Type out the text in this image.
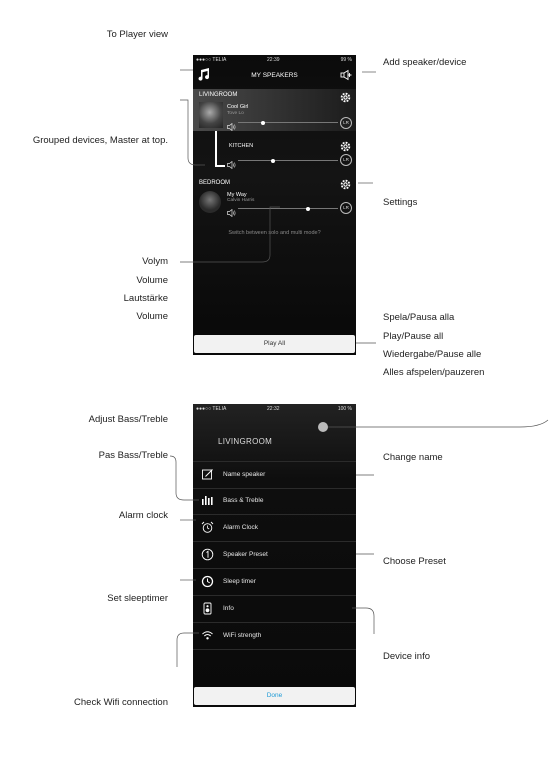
To Player view
Grouped devices, Master at top.
Volym
Volume
Lautstärke
Volume
Adjust Bass/Treble
Pas Bass/Treble
Alarm clock
Set sleeptimer
Check Wifi connection
Add speaker/device
Settings
Spela/Pausa alla
Play/Pause all
Wiedergabe/Pause alle
Alles afspelen/pauzeren
Change name
Choose Preset
Device info
●●●○○ TELIA	22:39	99 %
MY SPEAKERS
LIVINGROOM
Cool Girl
Tove Lo
LR
KITCHEN
LR
BEDROOM
My Way
Calvin Harris
LR
Switch between solo and multi mode?
Play All
●●●○○ TELIA	22:32	100 %
LIVINGROOM
Name speaker
Bass & Treble
Alarm Clock
Speaker Preset
Sleep timer
Info
WiFi strength
Done
